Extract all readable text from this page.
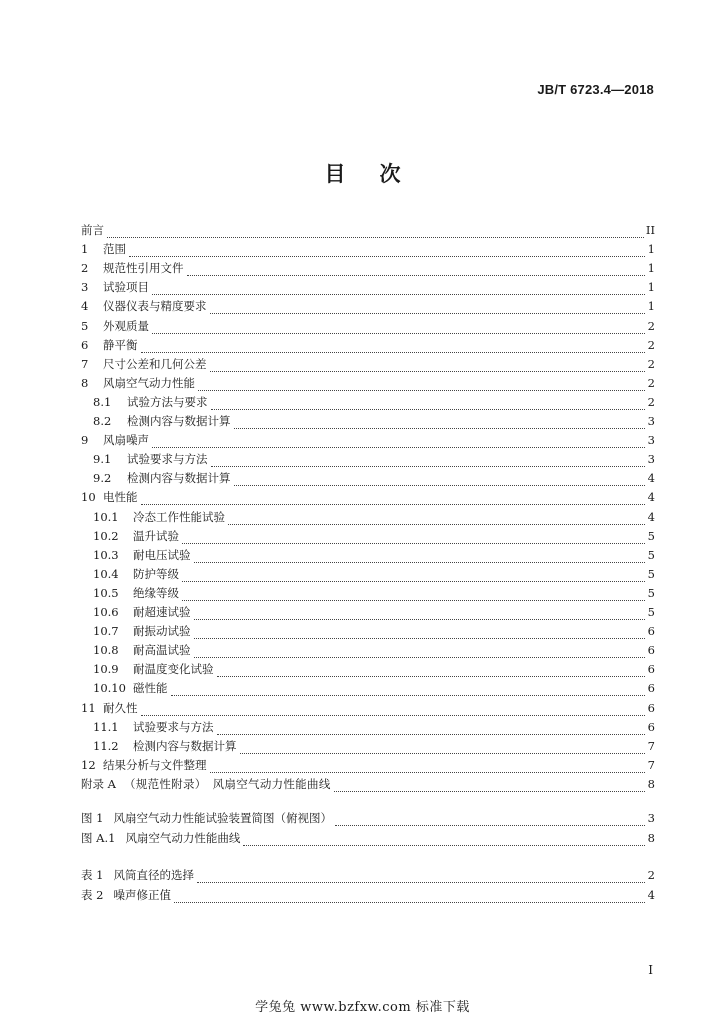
JB/T 6723.4—2018
目次
前言	II
1	范围	1
2	规范性引用文件	1
3	试验项目	1
4	仪器仪表与精度要求	1
5	外观质量	2
6	静平衡	2
7	尺寸公差和几何公差	2
8	风扇空气动力性能	2
8.1	试验方法与要求	2
8.2	检测内容与数据计算	3
9	风扇噪声	3
9.1	试验要求与方法	3
9.2	检测内容与数据计算	4
10 电性能	4
10.1	冷态工作性能试验	4
10.2	温升试验	5
10.3	耐电压试验	5
10.4	防护等级	5
10.5	绝缘等级	5
10.6	耐超速试验	5
10.7	耐振动试验	6
10.8	耐高温试验	6
10.9	耐温度变化试验	6
10.10 磁性能	6
11 耐久性	6
11.1	试验要求与方法	6
11.2	检测内容与数据计算	7
12 结果分析与文件整理	7
附录 A （规范性附录）　风扇空气动力性能曲线	8
图 1 风扇空气动力性能试验装置简图（俯视图）	3
图 A.1 风扇空气动力性能曲线	8
表 1 风筒直径的选择	2
表 2 噪声修正值	4
I
学兔兔 www.bzfxw.com 标准下载
